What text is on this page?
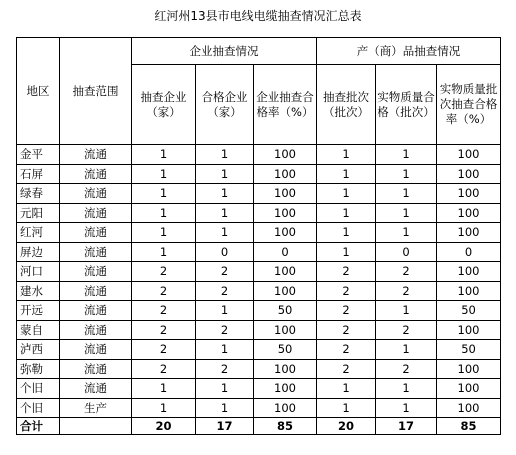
红河州13县市电线电缆抽查情况汇总表
地区	抽查范围	企业抽查情况			产（商）品抽查情况		
		抽查企业（家）	合格企业（家）	企业抽查合格率（%）	抽查批次（批次）	实物质量合格（批次）	实物质量批次抽查合格率（%）
金平	流通	1	1	100	1	1	100
石屏	流通	1	1	100	1	1	100
绿春	流通	1	1	100	1	1	100
元阳	流通	1	1	100	1	1	100
红河	流通	1	1	100	1	1	100
屏边	流通	1	0	0	1	0	0
河口	流通	2	2	100	2	2	100
建水	流通	2	2	100	2	2	100
开远	流通	2	1	50	2	1	50
蒙自	流通	2	2	100	2	2	100
泸西	流通	2	1	50	2	1	50
弥勒	流通	2	2	100	2	2	100
个旧	流通	1	1	100	1	1	100
个旧	生产	1	1	100	1	1	100
合计		20	17	85	20	17	85
